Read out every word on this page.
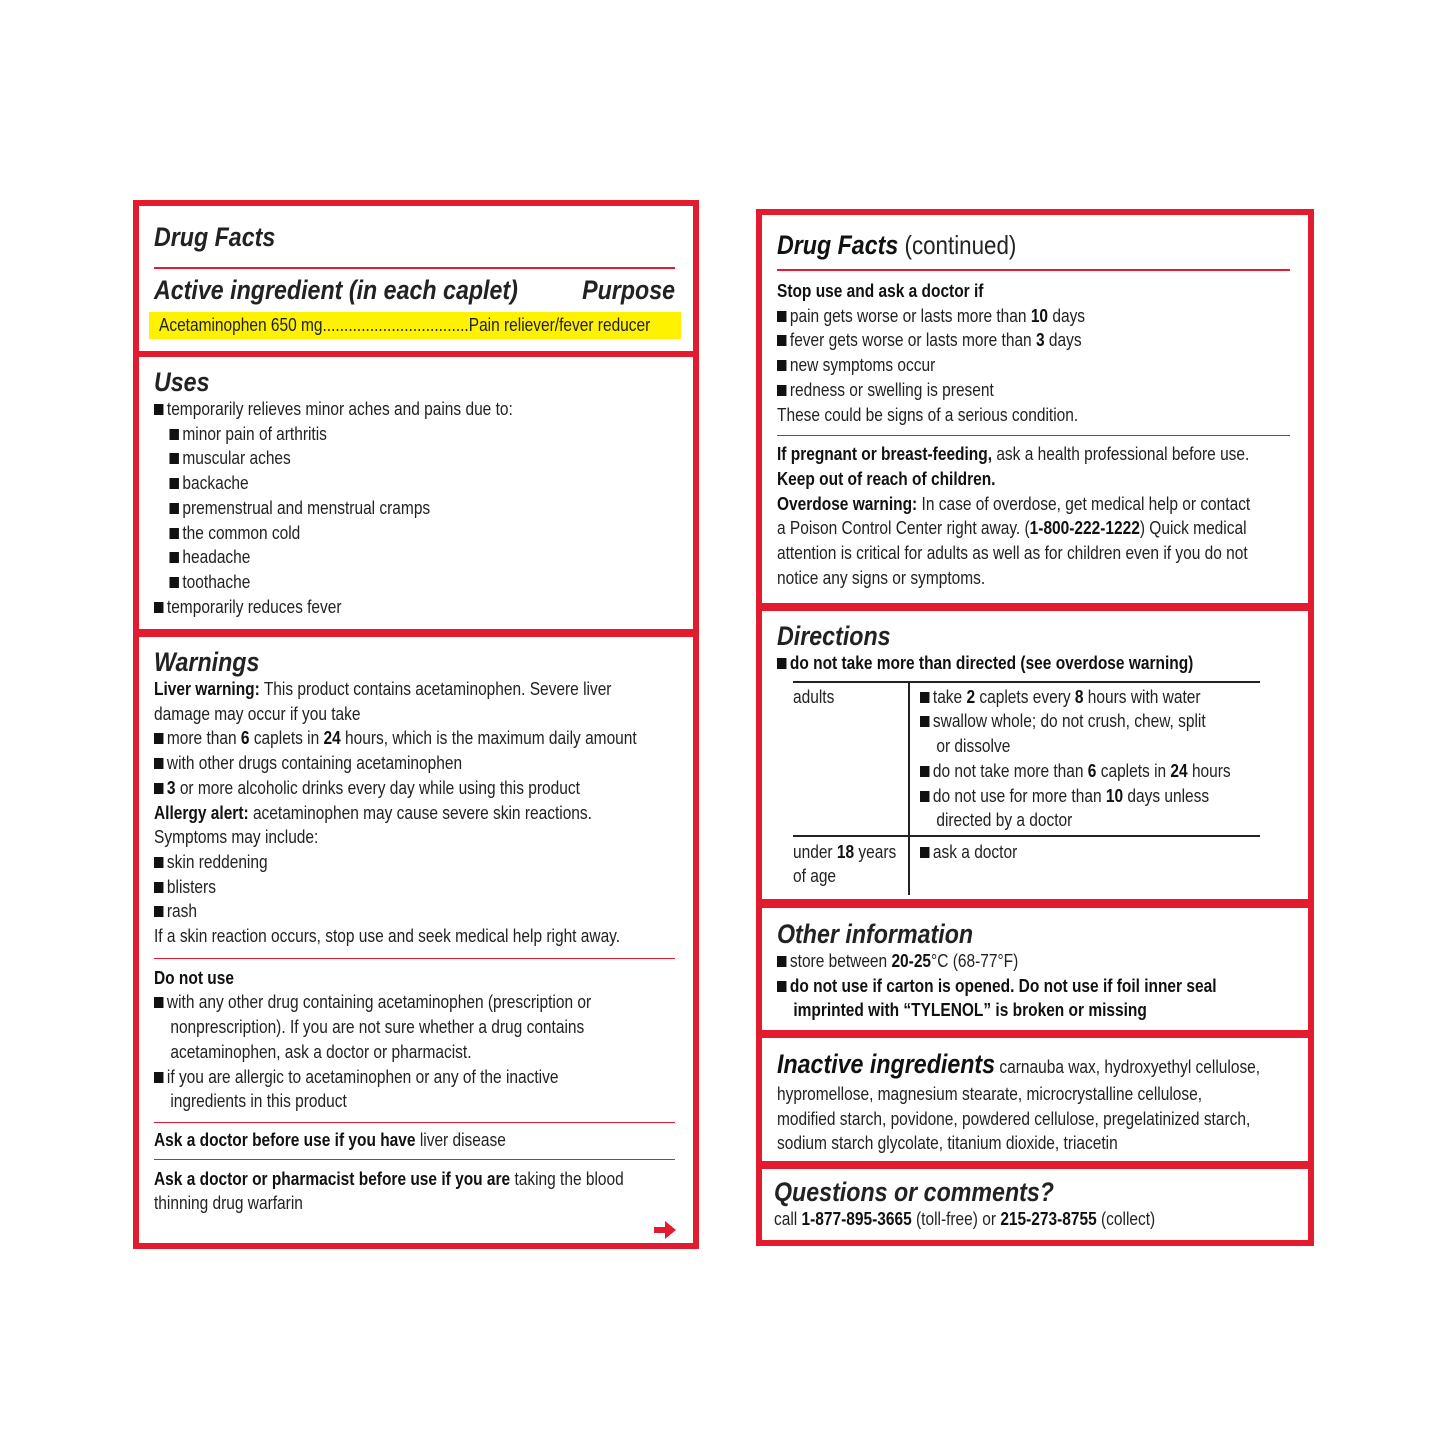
Drug Facts
Active ingredient (in each caplet) Purpose
Acetaminophen 650 mg..................................Pain reliever/fever reducer
Uses
temporarily relieves minor aches and pains due to:
minor pain of arthritis
muscular aches
backache
premenstrual and menstrual cramps
the common cold
headache
toothache
temporarily reduces fever
Warnings
Liver warning: This product contains acetaminophen. Severe liver
damage may occur if you take
more than 6 caplets in 24 hours, which is the maximum daily amount
with other drugs containing acetaminophen
3 or more alcoholic drinks every day while using this product
Allergy alert: acetaminophen may cause severe skin reactions.
Symptoms may include:
skin reddening
blisters
rash
If a skin reaction occurs, stop use and seek medical help right away.
Do not use
with any other drug containing acetaminophen (prescription or
nonprescription). If you are not sure whether a drug contains
acetaminophen, ask a doctor or pharmacist.
if you are allergic to acetaminophen or any of the inactive
ingredients in this product
Ask a doctor before use if you have liver disease
Ask a doctor or pharmacist before use if you are taking the blood
thinning drug warfarin
Drug Facts (continued)
Stop use and ask a doctor if
pain gets worse or lasts more than 10 days
fever gets worse or lasts more than 3 days
new symptoms occur
redness or swelling is present
These could be signs of a serious condition.
If pregnant or breast-feeding, ask a health professional before use.
Keep out of reach of children.
Overdose warning: In case of overdose, get medical help or contact
a Poison Control Center right away. (1-800-222-1222) Quick medical
attention is critical for adults as well as for children even if you do not
notice any signs or symptoms.
Directions
do not take more than directed (see overdose warning)
adults	take 2 caplets every 8 hours with water
swallow whole; do not crush, chew, split
or dissolve
do not take more than 6 caplets in 24 hours
do not use for more than 10 days unless
directed by a doctor
under 18 years
of age
ask a doctor
Other information
store between 20-25°C (68-77°F)
do not use if carton is opened. Do not use if foil inner seal
imprinted with “TYLENOL” is broken or missing
Inactive ingredients carnauba wax, hydroxyethyl cellulose,
hypromellose, magnesium stearate, microcrystalline cellulose,
modified starch, povidone, powdered cellulose, pregelatinized starch,
sodium starch glycolate, titanium dioxide, triacetin
Questions or comments?
call 1-877-895-3665 (toll-free) or 215-273-8755 (collect)
